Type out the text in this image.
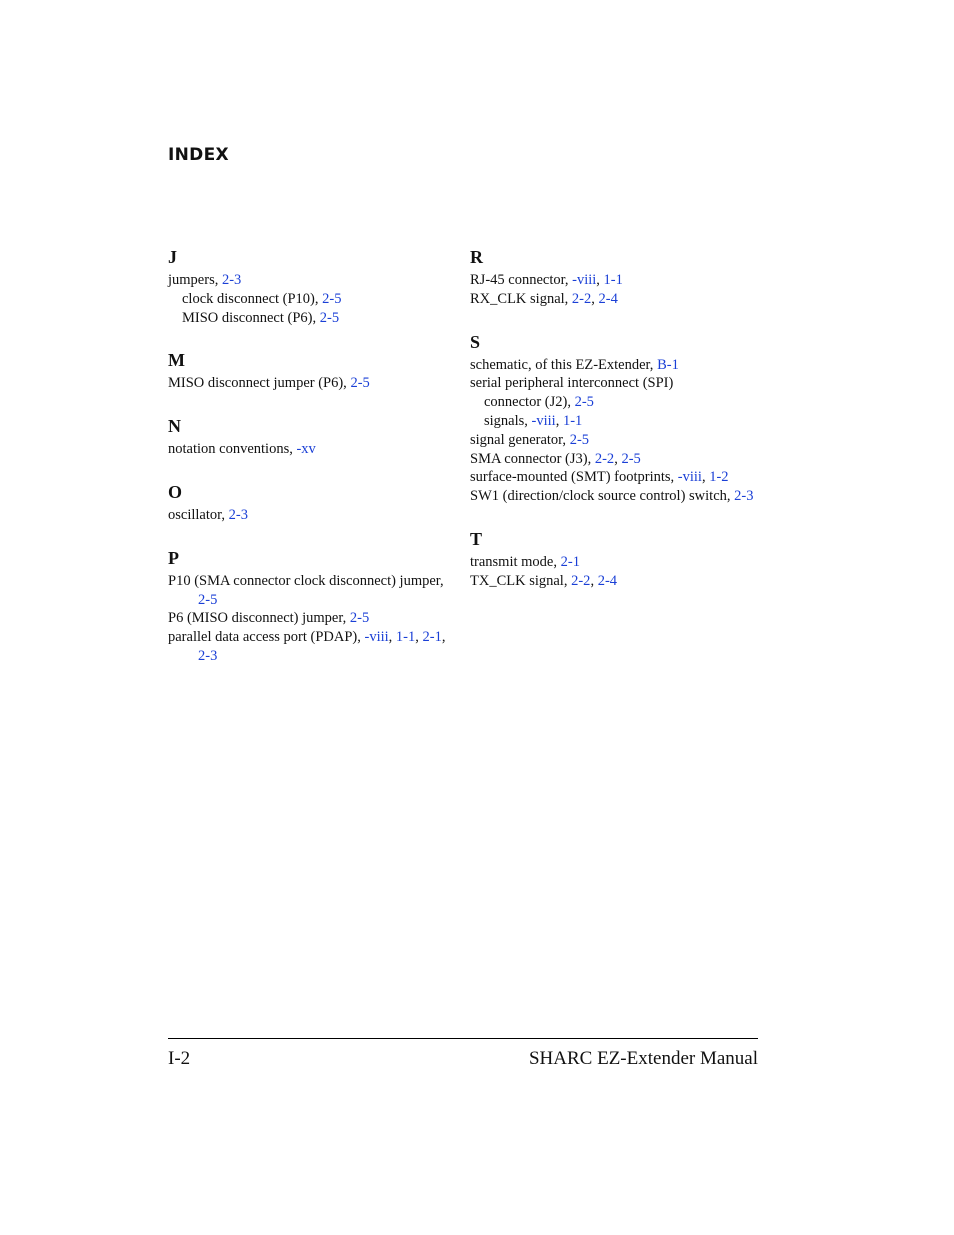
INDEX
J

jumpers, 2-3

clock disconnect (P10), 2-5

MISO disconnect (P6), 2-5

M

MISO disconnect jumper (P6), 2-5

N

notation conventions, -xv

O

oscillator, 2-3

P

P10 (SMA connector clock disconnect) jumper, 2-5

P6 (MISO disconnect) jumper, 2-5

parallel data access port (PDAP), -viii, 1-1, 2-1, 2-3

R

RJ-45 connector, -viii, 1-1

RX_CLK signal, 2-2, 2-4

S

schematic, of this EZ-Extender, B-1

serial peripheral interconnect (SPI)

connector (J2), 2-5

signals, -viii, 1-1

signal generator, 2-5

SMA connector (J3), 2-2, 2-5

surface-mounted (SMT) footprints, -viii, 1-2

SW1 (direction/clock source control) switch, 2-3

T

transmit mode, 2-1

TX_CLK signal, 2-2, 2-4

I-2	SHARC EZ-Extender Manual
